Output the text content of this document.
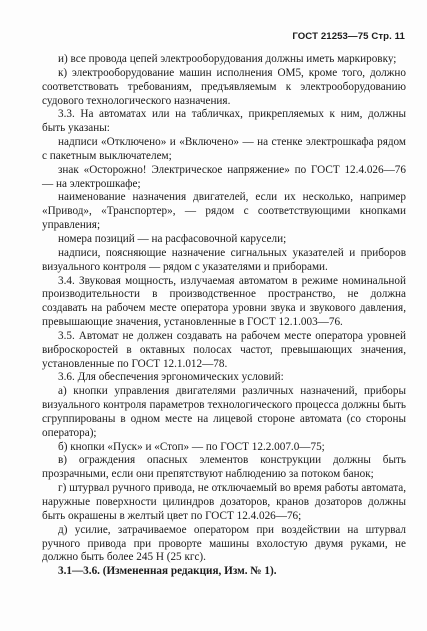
ГОСТ 21253—75 Стр. 11

и) все провода цепей электрооборудования должны иметь маркировку;

к) электрооборудование машин исполнения ОМ5, кроме того, должно соответствовать требованиям, предъявляемым к электрооборудованию судового технологического назначения.

3.3. На автоматах или на табличках, прикрепляемых к ним, должны быть указаны:

надписи «Отключено» и «Включено» — на стенке электрошкафа рядом с пакетным выключателем;

знак «Осторожно! Электрическое напряжение» по ГОСТ 12.4.026—76 — на электрошкафе;

наименование назначения двигателей, если их несколько, например «Привод», «Транспортер», — рядом с соответствующими кнопками управления;

номера позиций — на расфасовочной карусели;

надписи, поясняющие назначение сигнальных указателей и приборов визуального контроля — рядом с указателями и приборами.

3.4. Звуковая мощность, излучаемая автоматом в режиме номинальной производительности в производственное пространство, не должна создавать на рабочем месте оператора уровни звука и звукового давления, превышающие значения, установленные в ГОСТ 12.1.003—76.

3.5. Автомат не должен создавать на рабочем месте оператора уровней виброскоростей в октавных полосах частот, превышающих значения, установленные по ГОСТ 12.1.012—78.

3.6. Для обеспечения эргономических условий:

а) кнопки управления двигателями различных назначений, приборы визуального контроля параметров технологического процесса должны быть сгруппированы в одном месте на лицевой стороне автомата (со стороны оператора);

б) кнопки «Пуск» и «Стоп» — по ГОСТ 12.2.007.0—75;

в) ограждения опасных элементов конструкции должны быть прозрачными, если они препятствуют наблюдению за потоком банок;

г) штурвал ручного привода, не отключаемый во время работы автомата, наружные поверхности цилиндров дозаторов, кранов дозаторов должны быть окрашены в желтый цвет по ГОСТ 12.4.026—76;

д) усилие, затрачиваемое оператором при воздействии на штурвал ручного привода при проворте машины вхолостую двумя руками, не должно быть более 245 Н (25 кгс).

3.1—3.6. (Измененная редакция, Изм. № 1).
